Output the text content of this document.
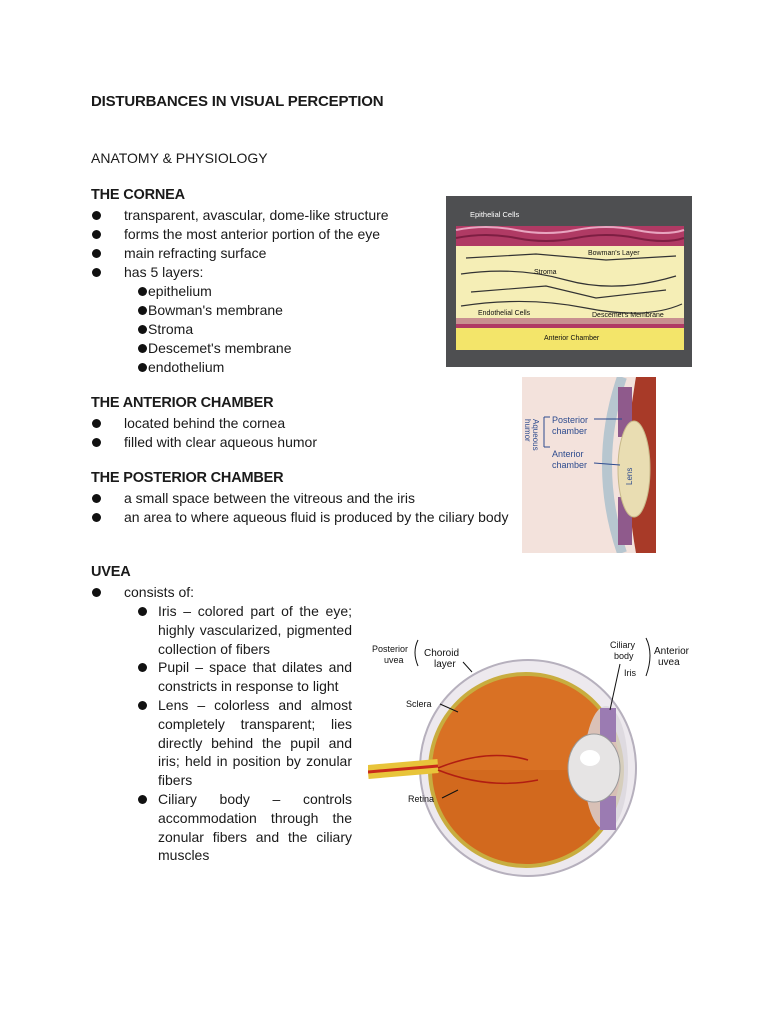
DISTURBANCES IN VISUAL PERCEPTION
ANATOMY & PHYSIOLOGY
THE CORNEA
transparent, avascular, dome-like structure
forms the most anterior portion of the eye
main refracting surface
has 5 layers:
epithelium
Bowman's membrane
Stroma
Descemet's membrane
endothelium
Epithelial Cells
Bowman's Layer
Stroma
Endothelial Cells	Descemet's Membrane
Anterior Chamber
THE ANTERIOR CHAMBER
located behind the cornea
filled with clear aqueous humor	Aqueous
humor Posterior
chamber
Anterior
chamber
Lens
THE POSTERIOR CHAMBER
a small space between the vitreous and the iris
an area to where aqueous fluid is produced by the ciliary body
UVEA
consists of:
Iris – colored part of the eye; highly vascularized, pigmented collection of fibers
Pupil – space that dilates and constricts in response to light
Lens – colorless and almost completely transparent; lies directly behind the pupil and iris; held in position by zonular fibers
Ciliary body – controls accommodation through the zonular fibers and the ciliary muscles
Posterior
uvea
Choroid
layer
Ciliary
body Anterior
uvea
Iris
Sclera
Retina
